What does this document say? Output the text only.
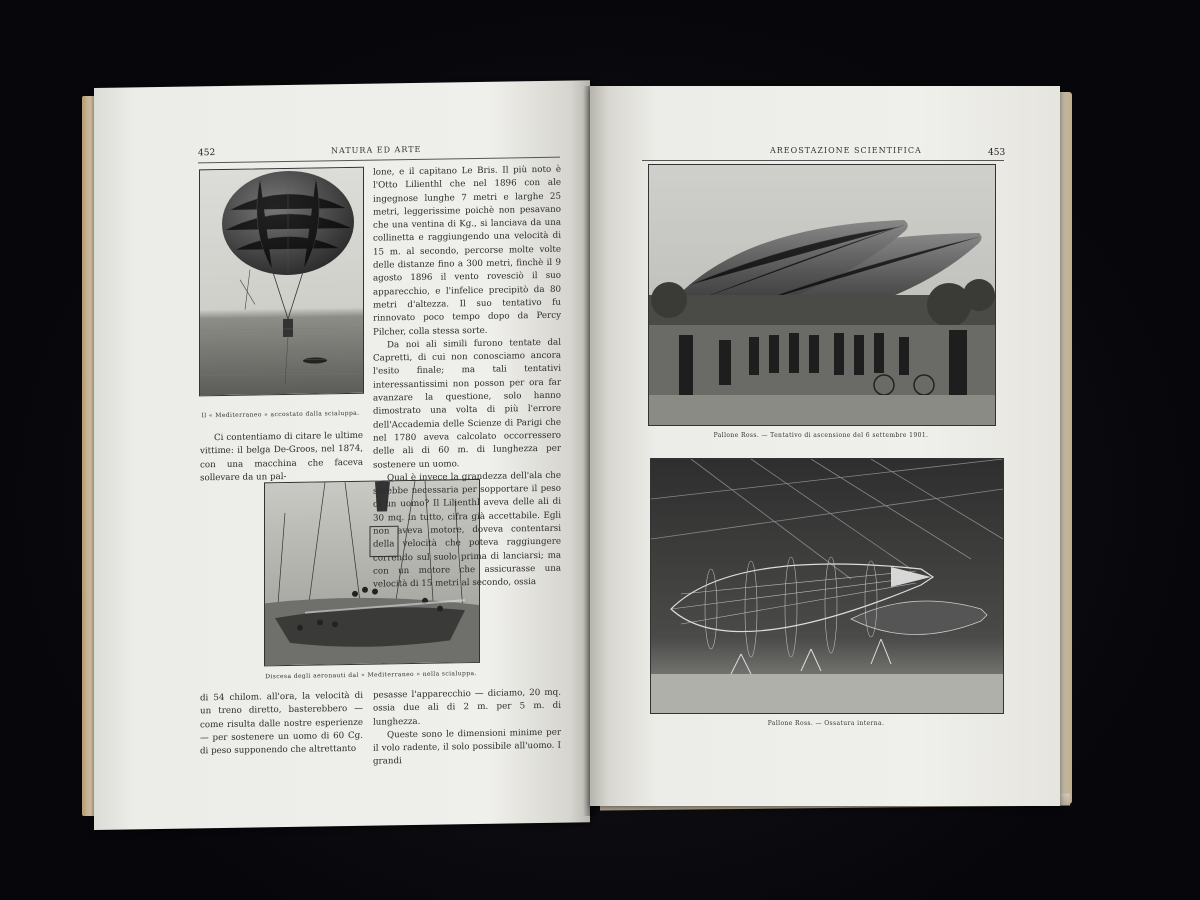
452	NATURA ED ARTE
Il « Mediterraneo » accostato dalla scialuppa.

Ci contentiamo di citare le ultime vittime: il belga De-Groos, nel 1874, con una macchina che faceva sollevare da un pal-

Discesa degli aeronauti dal « Mediterraneo » nella scialuppa.

di 54 chilom. all'ora, la velocità di un treno diretto, basterebbero — come risulta dalle nostre esperienze — per sostenere un uomo di 60 Cg. di peso supponendo che altrettanto

lone, e il capitano Le Bris. Il più noto è l'Otto Lilienthl che nel 1896 con ale ingegnose lunghe 7 metri e larghe 25 metri, leggerissime poichè non pesavano che una ventina di Kg., si lanciava da una collinetta e raggiungendo una velocità di 15 m. al secondo, percorse molte volte delle distanze fino a 300 metri, finchè il 9 agosto 1896 il vento rovesciò il suo apparecchio, e l'infelice precipitò da 80 metri d'altezza. Il suo tentativo fu rinnovato poco tempo dopo da Percy Pilcher, colla stessa sorte.

Da noi ali simili furono tentate dal Capretti, di cui non conosciamo ancora l'esito finale; ma tali tentativi interessantissimi non posson per ora far avanzare la questione, solo hanno dimostrato una volta di più l'errore dell'Accademia delle Scienze di Parigi che nel 1780 aveva calcolato occorressero delle ali di 60 m. di lunghezza per sostenere un uomo.

Qual è invece la grandezza dell'ala che sarebbe necessaria per sopportare il peso di un uomo? Il Lilienthl aveva delle ali di 30 mq. in tutto, cifra già accettabile. Egli non aveva motore, doveva contentarsi della velocità che poteva raggiungere correndo sul suolo prima di lanciarsi; ma con un motore che assicurasse una velocità di 15 metri al secondo, ossia

pesasse l'apparecchio — diciamo, 20 mq. ossia due ali di 2 m. per 5 m. di lunghezza.

Queste sono le dimensioni minime per il volo radente, il solo possibile all'uomo. I grandi

AREOSTAZIONE SCIENTIFICA	453
Pallone Ross. — Tentativo di ascensione del 6 settembre 1901.
Pallone Ross. — Ossatura interna.
